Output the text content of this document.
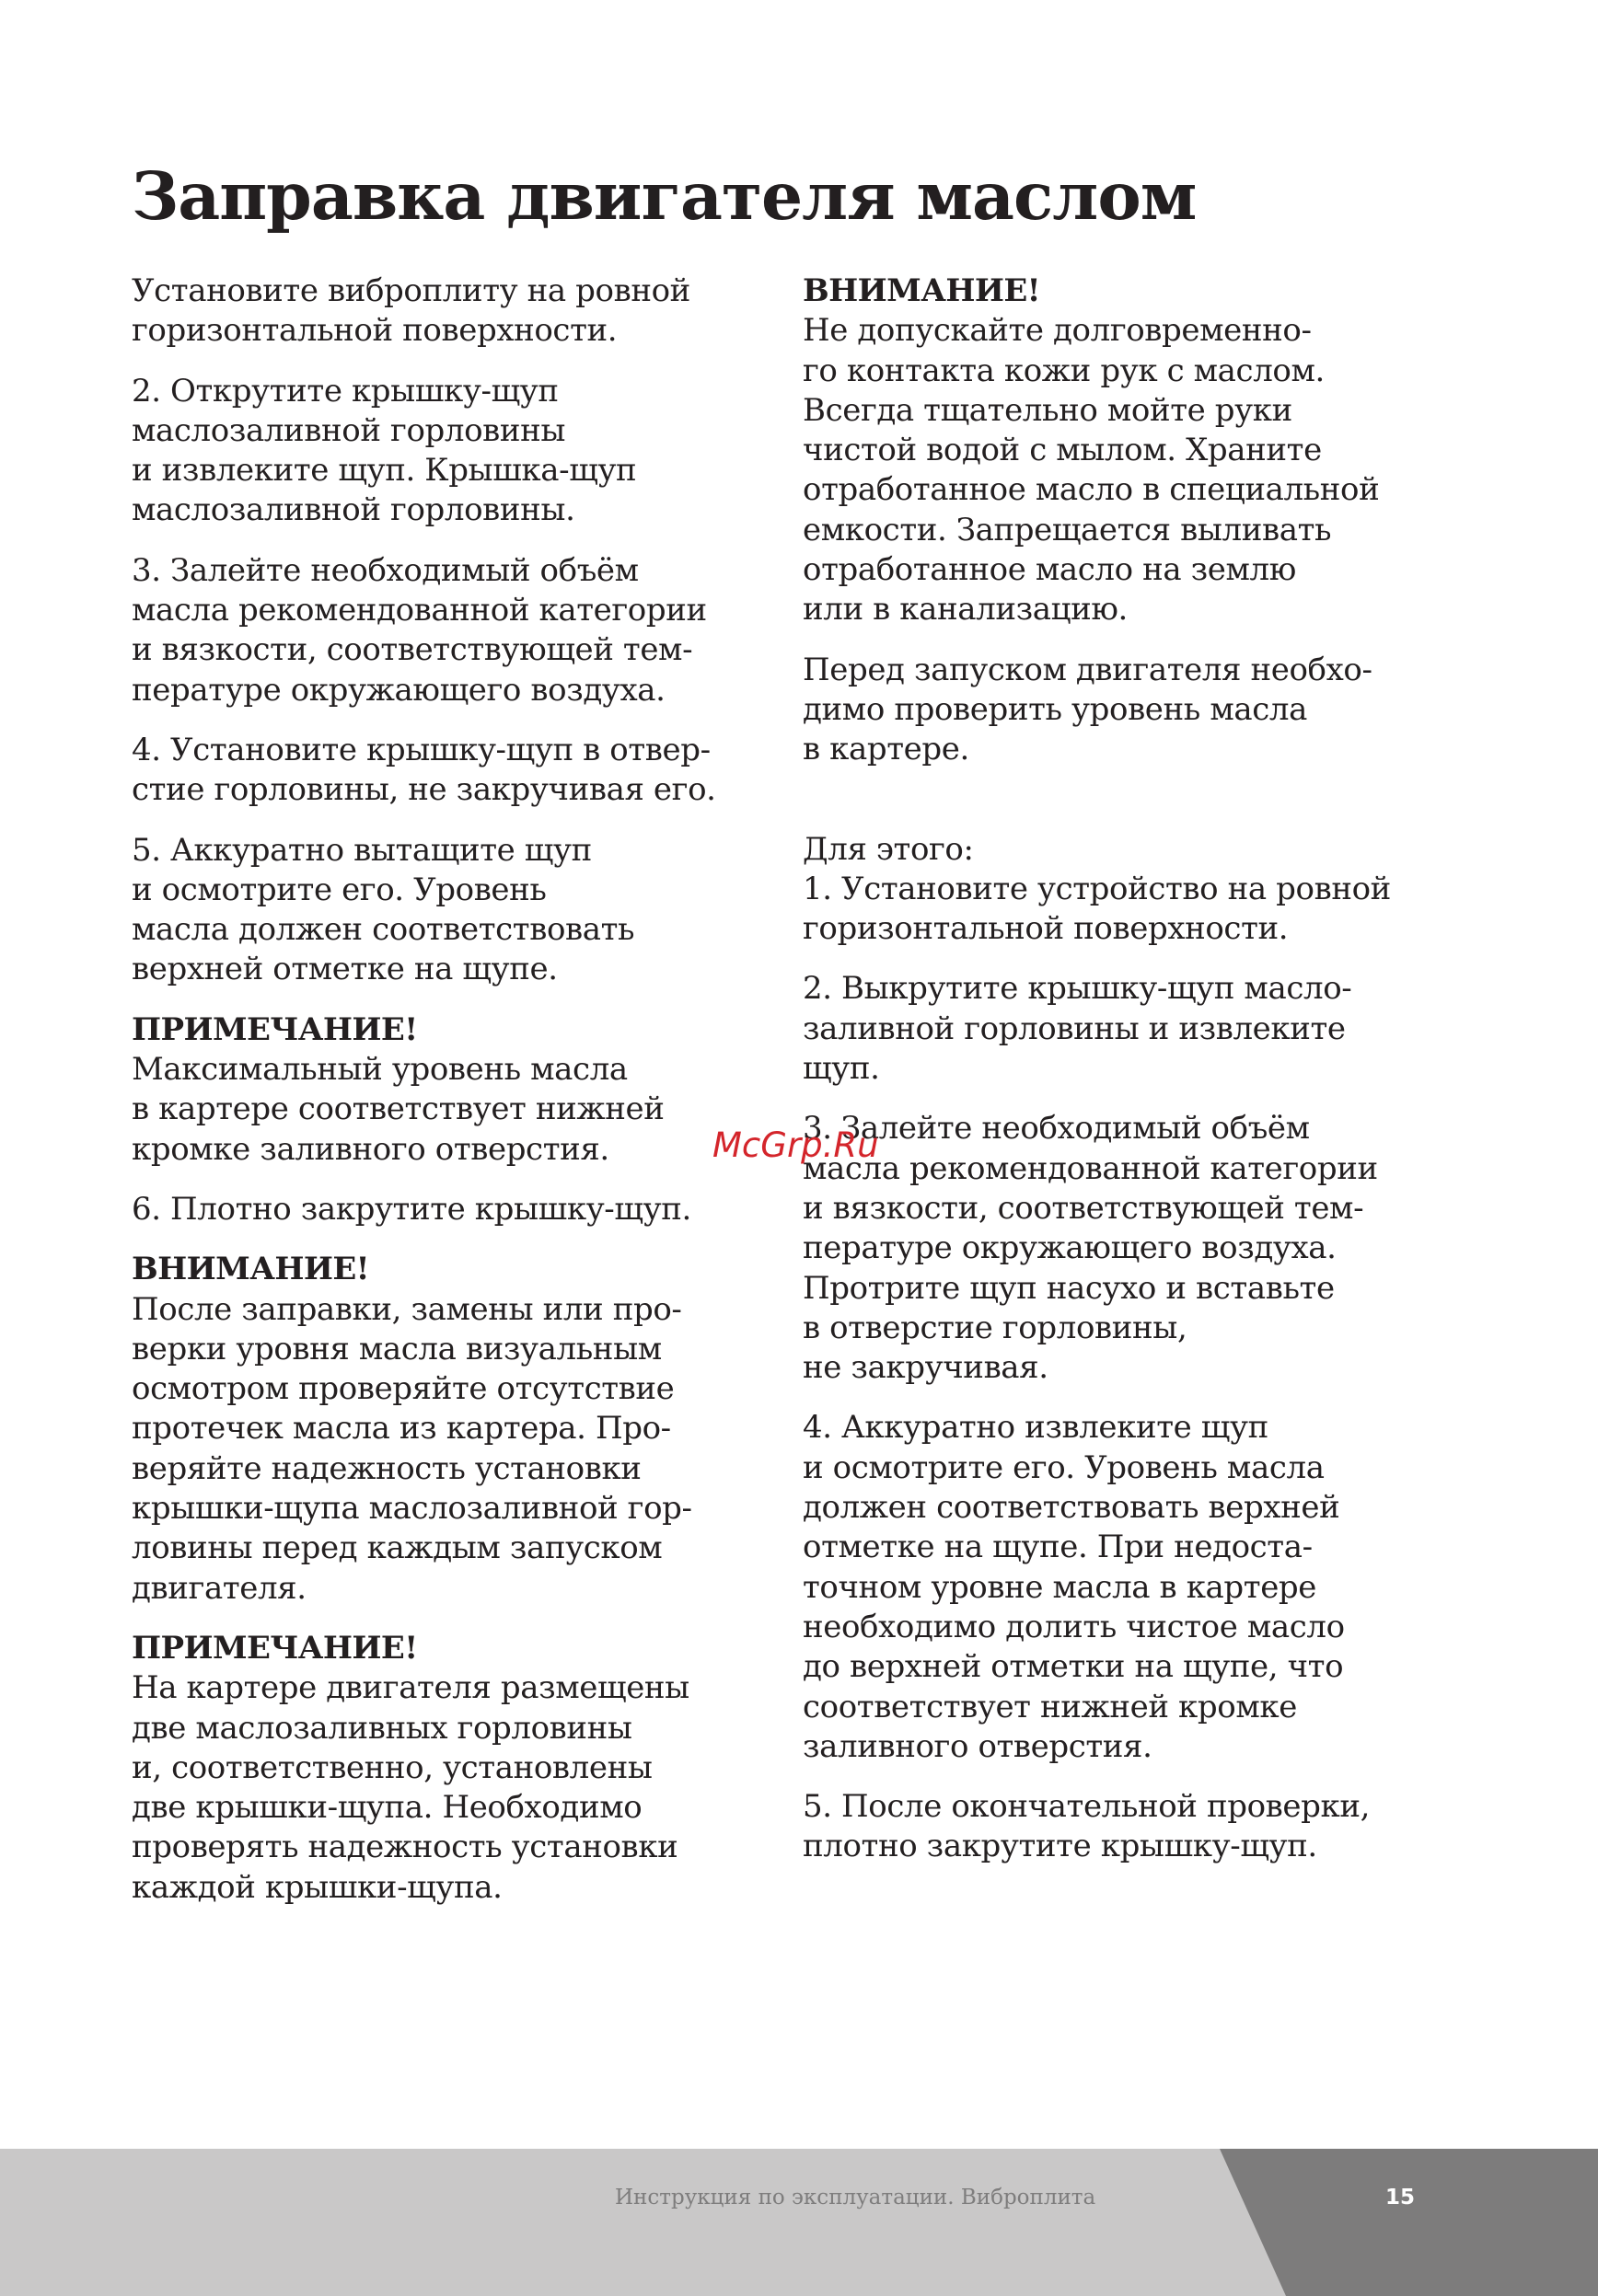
Заправка двигателя маслом

Установите виброплиту на ровной
горизонтальной поверхности.

2. Открутите крышку-щуп
маслозаливной горловины
и извлеките щуп. Крышка-щуп
маслозаливной горловины.

3. Залейте необходимый объём
масла рекомендованной категории
и вязкости, соответствующей тем-
пературе окружающего воздуха.

4. Установите крышку-щуп в отвер-
стие горловины, не закручивая его.

5. Аккуратно вытащите щуп
и осмотрите его. Уровень
масла должен соответствовать
верхней отметке на щупе.

ПРИМЕЧАНИЕ!
Максимальный уровень масла
в картере соответствует нижней
кромке заливного отверстия.

6. Плотно закрутите крышку-щуп.

ВНИМАНИЕ!
После заправки, замены или про-
верки уровня масла визуальным
осмотром проверяйте отсутствие
протечек масла из картера. Про-
веряйте надежность установки
крышки-щупа маслозаливной гор-
ловины перед каждым запуском
двигателя.

ПРИМЕЧАНИЕ!
На картере двигателя размещены
две маслозаливных горловины
и, соответственно, установлены
две крышки-щупа. Необходимо
проверять надежность установки
каждой крышки-щупа.

ВНИМАНИЕ!
Не допускайте долговременно-
го контакта кожи рук с маслом.
Всегда тщательно мойте руки
чистой водой с мылом. Храните
отработанное масло в специальной
емкости. Запрещается выливать
отработанное масло на землю
или в канализацию.

Перед запуском двигателя необхо-
димо проверить уровень масла
в картере.

Для этого:
1. Установите устройство на ровной
горизонтальной поверхности.

2. Выкрутите крышку-щуп масло-
заливной горловины и извлеките
щуп.

3. Залейте необходимый объём
масла рекомендованной категории
и вязкости, соответствующей тем-
пературе окружающего воздуха.
Протрите щуп насухо и вставьте
в отверстие горловины,
не закручивая.

4. Аккуратно извлеките щуп
и осмотрите его. Уровень масла
должен соответствовать верхней
отметке на щупе. При недоста-
точном уровне масла в картере
необходимо долить чистое масло
до верхней отметки на щупе, что
соответствует нижней кромке
заливного отверстия.

5. После окончательной проверки,
плотно закрутите крышку-щуп.

McGrp.Ru
Инструкция по эксплуатации. Виброплита	15
